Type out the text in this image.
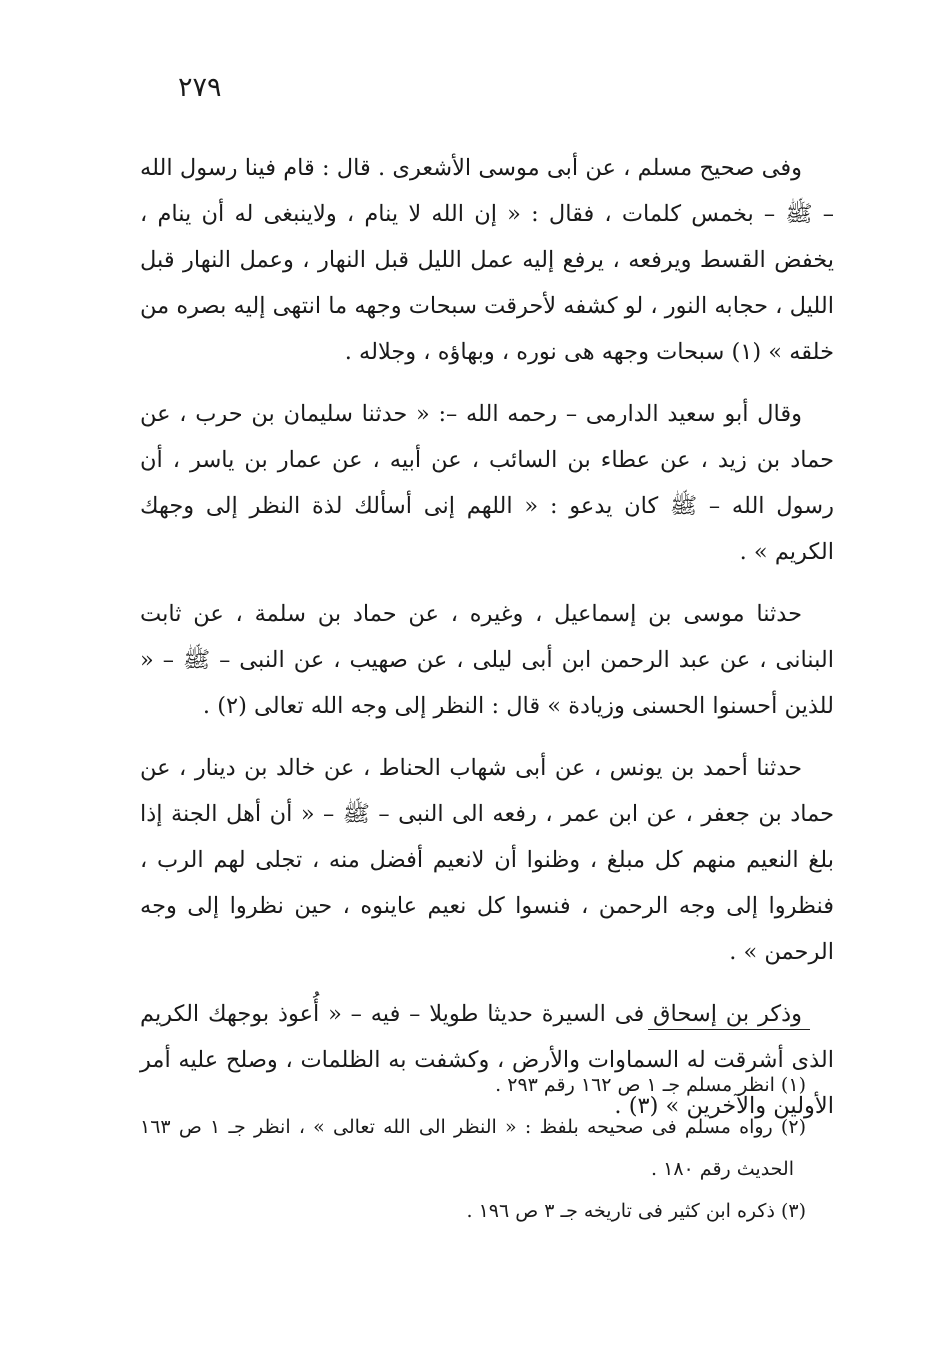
٢٧٩

وفى صحيح مسلم ، عن أبى موسى الأشعرى . قال : قام فينا رسول الله – ﷺ – بخمس كلمات ، فقال : « إن الله لا ينام ، ولاينبغى له أن ينام ، يخفض القسط ويرفعه ، يرفع إليه عمل الليل قبل النهار ، وعمل النهار قبل الليل ، حجابه النور ، لو كشفه لأحرقت سبحات وجهه ما انتهى إليه بصره من خلقه » (١) سبحات وجهه هى نوره ، وبهاؤه ، وجلاله .

وقال أبو سعيد الدارمى – رحمه الله –: « حدثنا سليمان بن حرب ، عن حماد بن زيد ، عن عطاء بن السائب ، عن أبيه ، عن عمار بن ياسر ، أن رسول الله – ﷺ كان يدعو : « اللهم إنى أسألك لذة النظر إلى وجهك الكريم » .

حدثنا موسى بن إسماعيل ، وغيره ، عن حماد بن سلمة ، عن ثابت البنانى ، عن عبد الرحمن ابن أبى ليلى ، عن صهيب ، عن النبى – ﷺ – « للذين أحسنوا الحسنى وزيادة » قال : النظر إلى وجه الله تعالى (٢) .

حدثنا أحمد بن يونس ، عن أبى شهاب الحناط ، عن خالد بن دينار ، عن حماد بن جعفر ، عن ابن عمر ، رفعه الى النبى – ﷺ – « أن أهل الجنة إذا بلغ النعيم منهم كل مبلغ ، وظنوا أن لانعيم أفضل منه ، تجلى لهم الرب ، فنظروا إلى وجه الرحمن ، فنسوا كل نعيم عاينوه ، حين نظروا إلى وجه الرحمن » .

وذكر بن إسحاق فى السيرة حديثا طويلا – فيه – « أُعوذ بوجهك الكريم الذى أشرقت له السماوات والأرض ، وكشفت به الظلمات ، وصلح عليه أمر الأولين والآخرين » (٣) .

(١) انظر مسلم جـ ١ ص ١٦٢ رقم ٢٩٣ .

(٢) رواه مسلم فى صحيحه بلفظ : « النظر الى الله تعالى » ، انظر جـ ١ ص ١٦٣ الحديث رقم ١٨٠ .

(٣) ذكره ابن كثير فى تاريخه جـ ٣ ص ١٩٦ .
